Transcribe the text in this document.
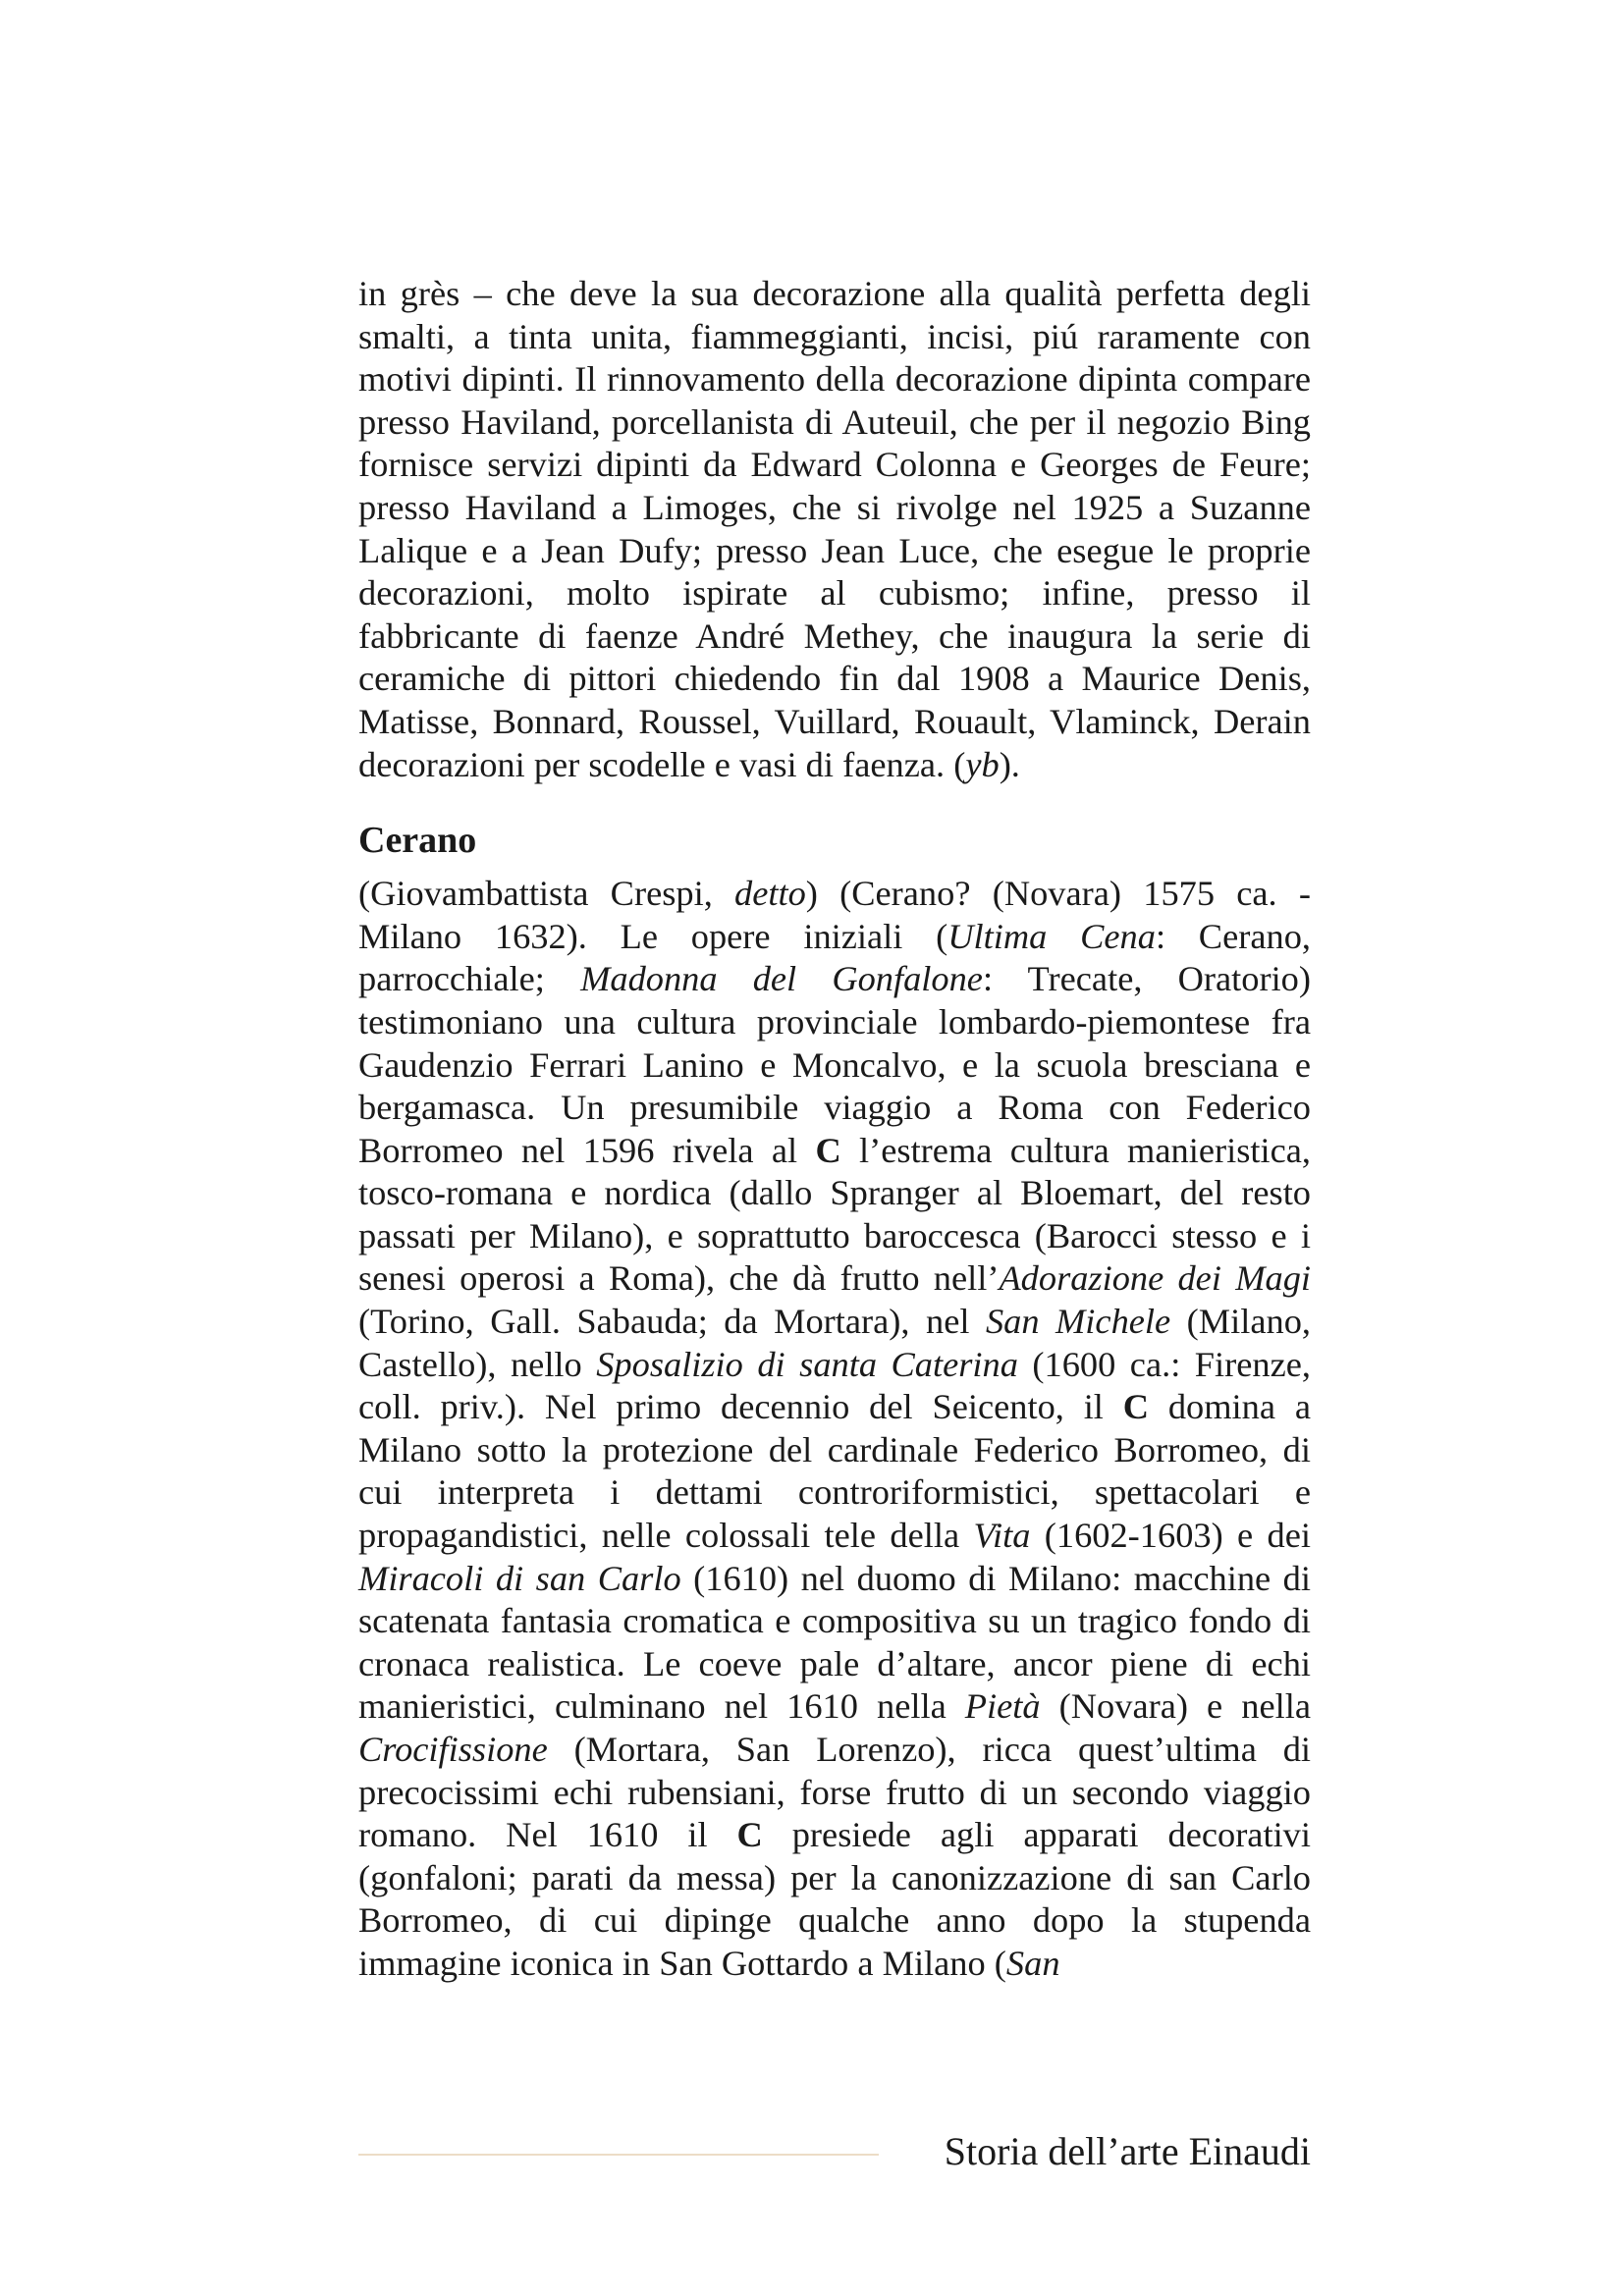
in grès – che deve la sua decorazione alla qualità perfetta degli smalti, a tinta unita, fiammeggianti, incisi, piú raramente con motivi dipinti. Il rinnovamento della decorazione dipinta compare presso Haviland, porcellanista di Auteuil, che per il negozio Bing fornisce servizi dipinti da Edward Colonna e Georges de Feure; presso Haviland a Limoges, che si rivolge nel 1925 a Suzanne Lalique e a Jean Dufy; presso Jean Luce, che esegue le proprie decorazioni, molto ispirate al cubismo; infine, presso il fabbricante di faenze André Methey, che inaugura la serie di ceramiche di pittori chiedendo fin dal 1908 a Maurice Denis, Matisse, Bonnard, Roussel, Vuillard, Rouault, Vlaminck, Derain decorazioni per scodelle e vasi di faenza. (yb).

Cerano

(Giovambattista Crespi, detto) (Cerano? (Novara) 1575 ca. - Milano 1632). Le opere iniziali (Ultima Cena: Cerano, parrocchiale; Madonna del Gonfalone: Trecate, Oratorio) testimoniano una cultura provinciale lombardo-piemontese fra Gaudenzio Ferrari Lanino e Moncalvo, e la scuola bresciana e bergamasca. Un presumibile viaggio a Roma con Federico Borromeo nel 1596 rivela al C l’estrema cultura manieristica, tosco-romana e nordica (dallo Spranger al Bloemart, del resto passati per Milano), e soprattutto baroccesca (Barocci stesso e i senesi operosi a Roma), che dà frutto nell’Adorazione dei Magi (Torino, Gall. Sabauda; da Mortara), nel San Michele (Milano, Castello), nello Sposalizio di santa Caterina (1600 ca.: Firenze, coll. priv.). Nel primo decennio del Seicento, il C domina a Milano sotto la protezione del cardinale Federico Borromeo, di cui interpreta i dettami controriformistici, spettacolari e propagandistici, nelle colossali tele della Vita (1602-1603) e dei Miracoli di san Carlo (1610) nel duomo di Milano: macchine di scatenata fantasia cromatica e compositiva su un tragico fondo di cronaca realistica. Le coeve pale d’altare, ancor piene di echi manieristici, culminano nel 1610 nella Pietà (Novara) e nella Crocifissione (Mortara, San Lorenzo), ricca quest’ultima di precocissimi echi rubensiani, forse frutto di un secondo viaggio romano. Nel 1610 il C presiede agli apparati decorativi (gonfaloni; parati da messa) per la canonizzazione di san Carlo Borromeo, di cui dipinge qualche anno dopo la stupenda immagine iconica in San Gottardo a Milano (San

Storia dell’arte Einaudi
